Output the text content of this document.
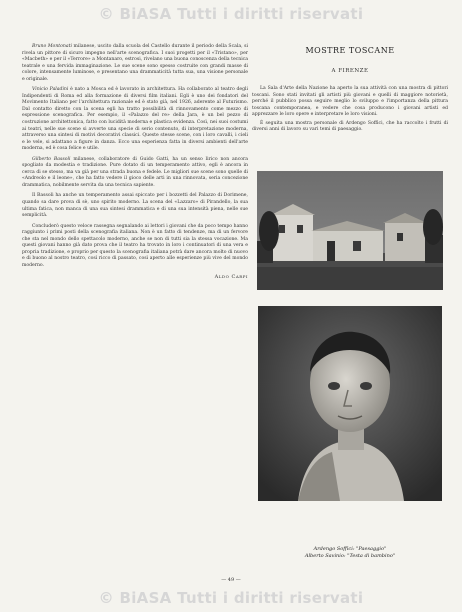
© BiASA Tutti i diritti riservati

Bruno Montonati milanese, uscito dalla scuola del Castello durante il periodo della Scala, si rivela un pittore di sicuro impegno nell'arte scenografica. I suoi progetti per il «Tristano», per «Macbeth» e per il «Terrore» a Montanaro, estrosi, rivelano una buona conoscenza della tecnica teatrale e una fervida immaginazione. Le sue scene sono spesso costruite con grandi masse di colore, intensamente luminose, e presentano una drammaticità tutta sua, una visione personale e originale.

Vinicio Paladini è nato a Mosca ed è lavorato in architettura. Ha collaborato al teatro degli Indipendenti di Roma ed alla formazione di diversi film italiani. Egli è uno dei fondatori del Movimento Italiano per l'architettura razionale ed è stato già, nel 1926, aderente al Futurismo. Dal contatto diretto con la scena egli ha tratto possibilità di rinnovamento come mezzo di espressione scenografica. Per esempio, il «Palazzo del re» della Jara, è un bel pezzo di costruzione architettonica, fatto con lucidità moderna e plastica evidenza. Così, nei suoi costumi ai teatri, nelle sue scene si avverte una specie di serio contenuto, di interpretazione moderna, attraverso una sintesi di motivi decorativi classici. Queste stesse scene, con i loro cavalli, i cieli e le vele, si adattano a figure in danza. Ecco una esperienza fatta in diversi ambienti dell'arte moderna, ed è cosa felice e utile.

Gilberto Bassoli milanese, collaboratore di Guido Gatti, ha un senso lirico non ancora spogliato da modestia e tradizione. Pure dotato di un temperamento attivo, egli è ancora in cerca di se stesso, ma va già per una strada buona e fedele. Le migliori sue scene sono quelle di «Andreolo e il leone», che ha fatto vedere il gioco delle arti in una rinnovata, seria concezione drammatica, nobilmente servita da una tecnica sapiente.

Il Bassoli ha anche un temperamento assai spiccato per i bozzetti del Palazzo di Dorimene, quando sa dare prova di sè, uno spirito moderno. La scena del «Lazzaro» di Pirandello, la sua ultima fatica, non manca di una sua sintesi drammatica e di una sua intensità piena, nelle sue semplicità.

Concluderò questo veloce rassegna segnalando ai lettori i giovani che da poco tempo hanno raggiunto i primi posti della scenografia italiana. Non è un fatto di tendenze, ma di un fervore che sta nel mondo dello spettacolo moderno, anche se non di tutti sia la stessa vocazione. Ma questi giovani hanno già dato prova che il teatro ha trovato in loro i continuatori di una vera e propria tradizione, e proprio per questo la scenografia italiana potrà dare ancora molto di nuovo e di buono al nostro teatro, così ricco di passato, così aperto alle esperienze più vive del mondo moderno.

Aldo Carpi
MOSTRE TOSCANE
A FIRENZE

La Sala d'Arte della Nazione ha aperto la sua attività con una mostra di pittori toscani. Sono stati invitati gli artisti più giovani e quelli di maggiore notorietà, perché il pubblico possa seguire meglio lo sviluppo e l'importanza della pittura toscana contemporanea, e vedere che cosa producono i giovani artisti ed apprezzare le loro opere e interpretare le loro visioni.

È seguita una mostra personale di Ardengo Soffici, che ha raccolto i frutti di diversi anni di lavoro su vari temi di paesaggio.

Ardengo Soffici: "Paesaggio"
Alberto Savinio: "Testa di bambino"
— 49 —
© BiASA Tutti i diritti riservati
